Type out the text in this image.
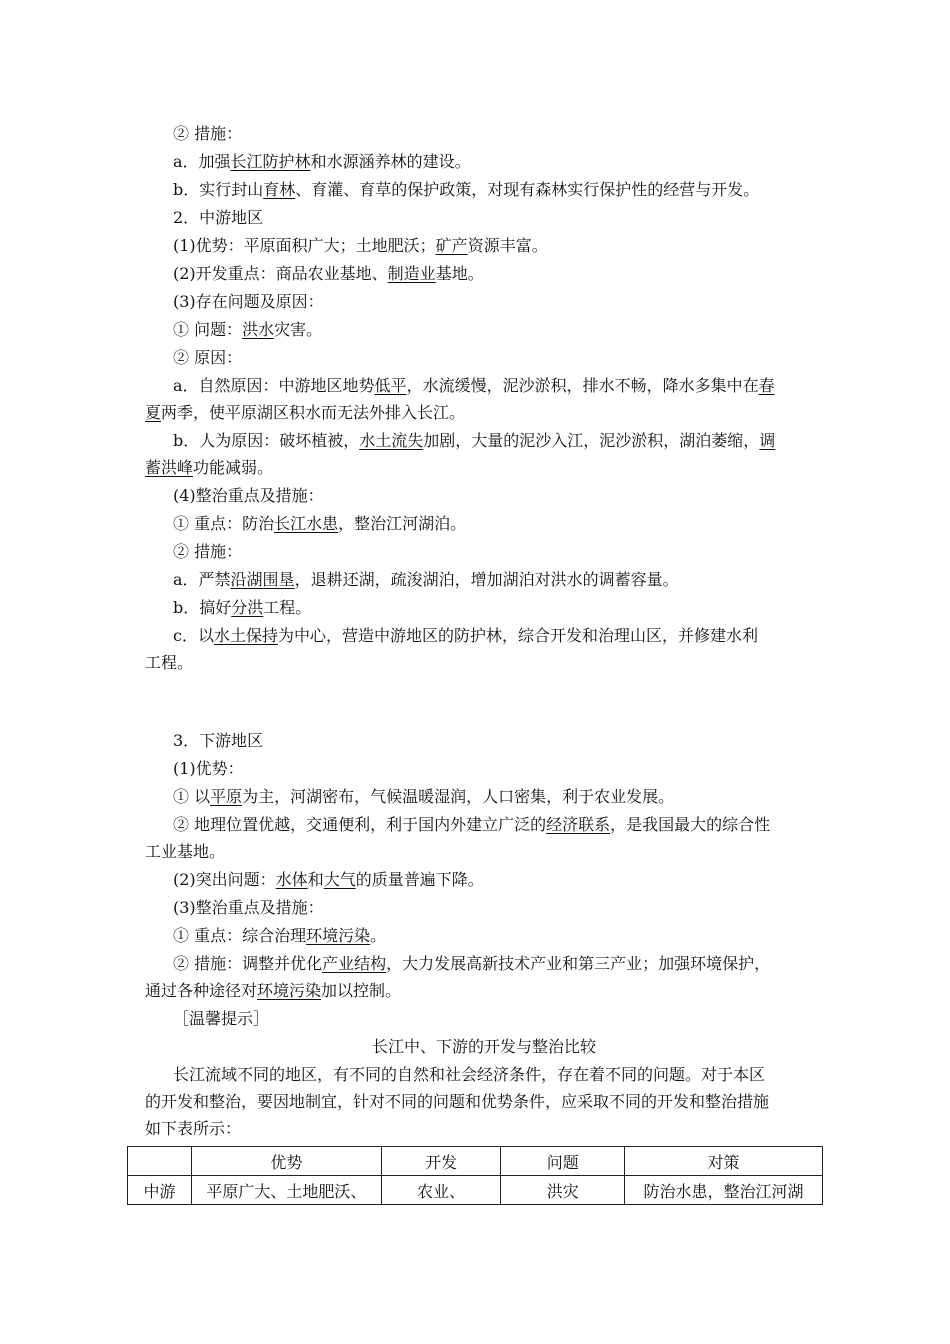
② 措施：
a．加强长江防护林和水源涵养林的建设。
b．实行封山育林、育灌、育草的保护政策，对现有森林实行保护性的经营与开发。
2．中游地区
(1)优势：平原面积广大；土地肥沃；矿产资源丰富。
(2)开发重点：商品农业基地、制造业基地。
(3)存在问题及原因：
① 问题：洪水灾害。
② 原因：
a．自然原因：中游地区地势低平，水流缓慢，泥沙淤积，排水不畅，降水多集中在春
夏两季，使平原湖区积水而无法外排入长江。
b．人为原因：破坏植被，水土流失加剧，大量的泥沙入江，泥沙淤积，湖泊萎缩，调
蓄洪峰功能减弱。
(4)整治重点及措施：
① 重点：防治长江水患，整治江河湖泊。
② 措施：
a．严禁沿湖围垦，退耕还湖，疏浚湖泊，增加湖泊对洪水的调蓄容量。
b．搞好分洪工程。
c．以水土保持为中心，营造中游地区的防护林，综合开发和治理山区，并修建水利
工程。
3．下游地区
(1)优势：
① 以平原为主，河湖密布，气候温暖湿润，人口密集，利于农业发展。
② 地理位置优越，交通便利，利于国内外建立广泛的经济联系，是我国最大的综合性
工业基地。
(2)突出问题：水体和大气的质量普遍下降。
(3)整治重点及措施：
① 重点：综合治理环境污染。
② 措施：调整并优化产业结构，大力发展高新技术产业和第三产业；加强环境保护，
通过各种途径对环境污染加以控制。
［温馨提示］
长江流域不同的地区，有不同的自然和社会经济条件，存在着不同的问题。对于本区
的开发和整治，要因地制宜，针对不同的问题和优势条件，应采取不同的开发和整治措施
如下表所示：
长江中、下游的开发与整治比较
	优势	开发	问题	对策
中游	平原广大、土地肥沃、	农业、	洪灾	防治水患，整治江河湖
